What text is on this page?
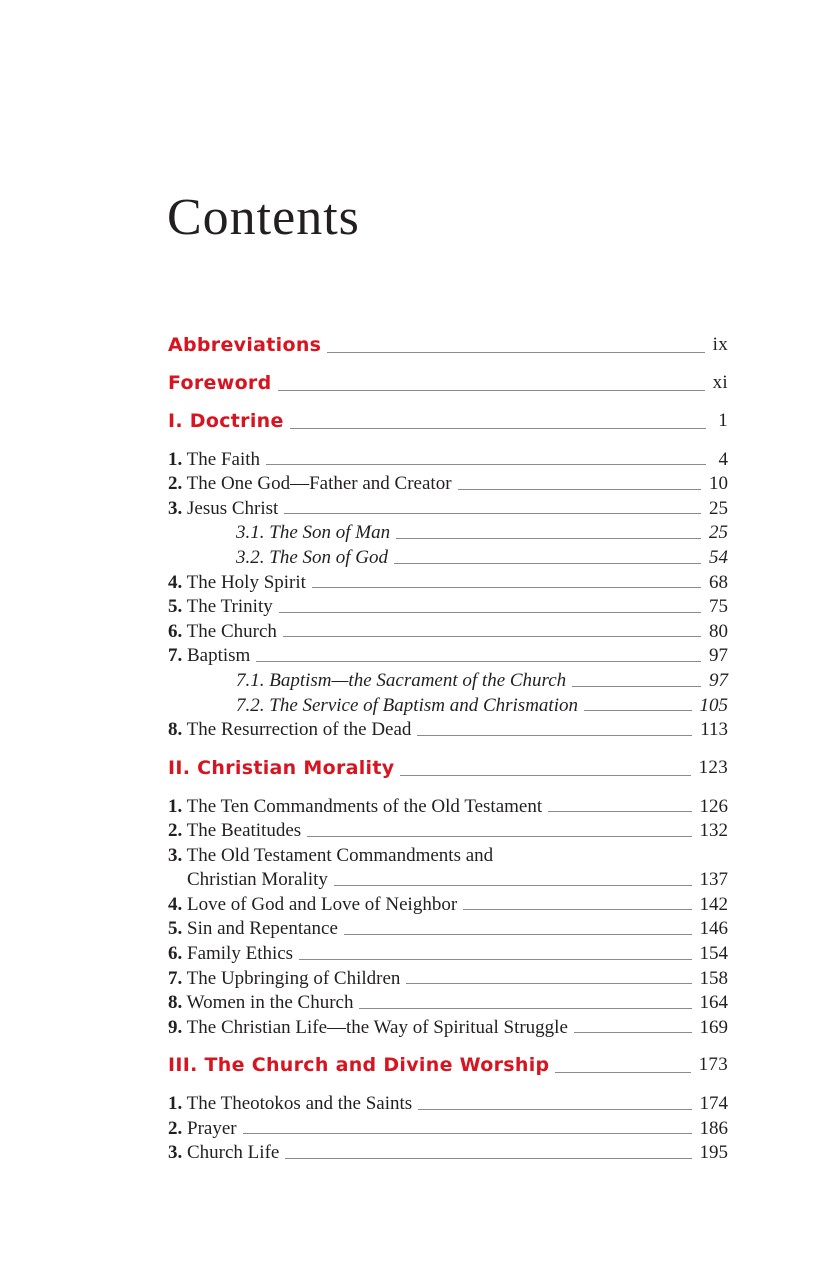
Contents
Abbreviations	ix
Foreword	xi
I. Doctrine	1
1. The Faith	4
2. The One God—Father and Creator	10
3. Jesus Christ	25
3.1. The Son of Man	25
3.2. The Son of God	54
4. The Holy Spirit	68
5. The Trinity	75
6. The Church	80
7. Baptism	97
7.1. Baptism—the Sacrament of the Church	97
7.2. The Service of Baptism and Chrismation	105
8. The Resurrection of the Dead	113
II. Christian Morality	123
1. The Ten Commandments of the Old Testament	126
2. The Beatitudes	132
3. The Old Testament Commandments and
Christian Morality	137
4. Love of God and Love of Neighbor	142
5. Sin and Repentance	146
6. Family Ethics	154
7. The Upbringing of Children	158
8. Women in the Church	164
9. The Christian Life—the Way of Spiritual Struggle	169
III. The Church and Divine Worship	173
1. The Theotokos and the Saints	174
2. Prayer	186
3. Church Life	195
